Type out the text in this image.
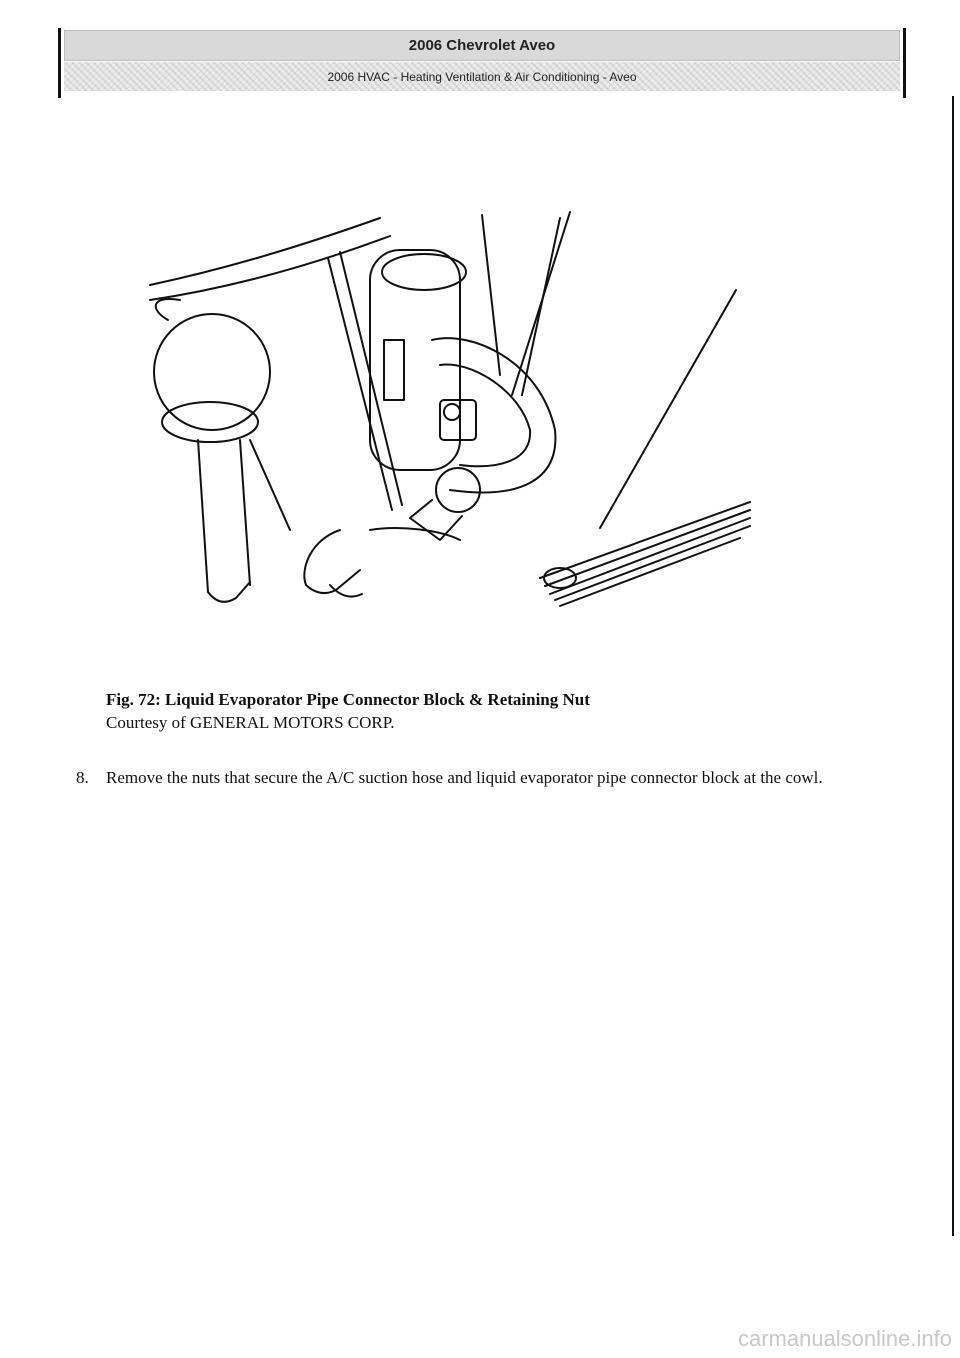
2006 Chevrolet Aveo
2006 HVAC - Heating Ventilation & Air Conditioning - Aveo
Fig. 72: Liquid Evaporator Pipe Connector Block & Retaining Nut
Courtesy of GENERAL MOTORS CORP.
8.	Remove the nuts that secure the A/C suction hose and liquid evaporator pipe connector block at the cowl.
carmanualsonline.info
